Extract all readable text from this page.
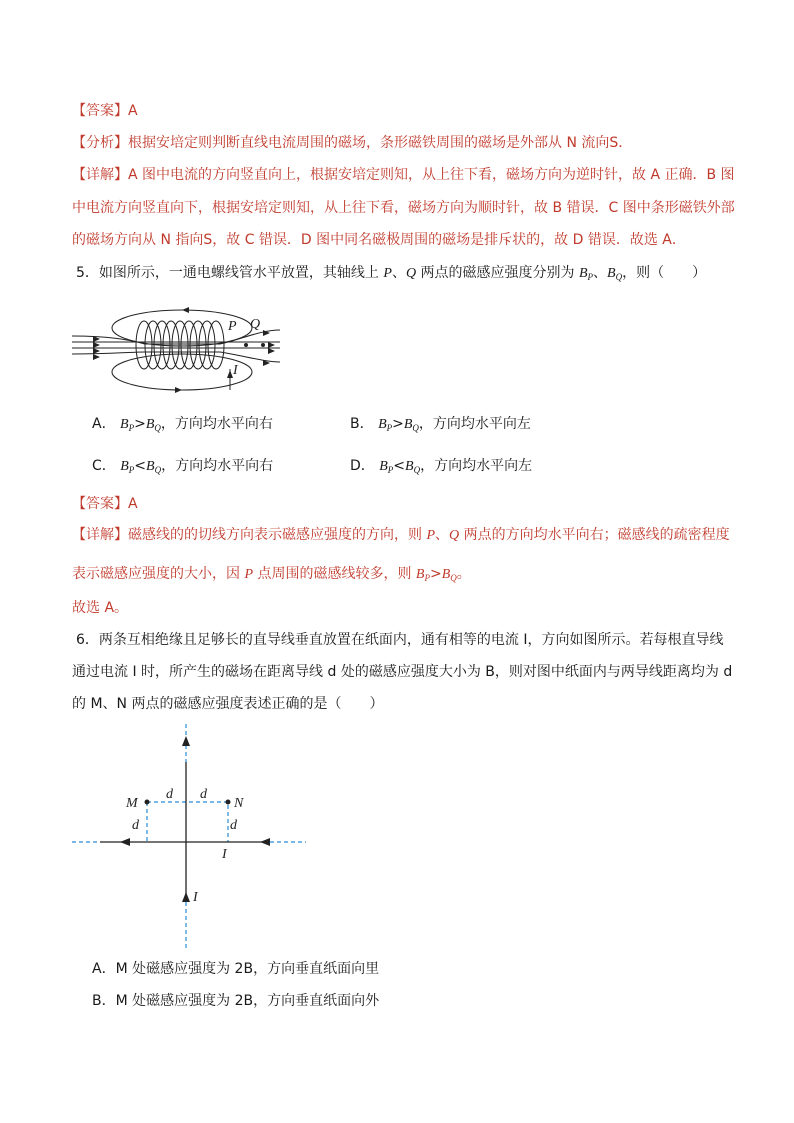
【答案】A
【分析】根据安培定则判断直线电流周围的磁场，条形磁铁周围的磁场是外部从 N 流向S．
【详解】A 图中电流的方向竖直向上，根据安培定则知，从上往下看，磁场方向为逆时针，故 A 正确．B 图
中电流方向竖直向下，根据安培定则知，从上往下看，磁场方向为顺时针，故 B 错误．C 图中条形磁铁外部
的磁场方向从 N 指向S，故 C 错误．D 图中同名磁极周围的磁场是排斥状的，故 D 错误．故选 A．
5．如图所示，一通电螺线管水平放置，其轴线上 P、Q 两点的磁感应强度分别为 $B_P$、$B_Q$，则（　　）
P Q
I
A． $B_P>B_Q$，方向均水平向右	B． $B_P>B_Q$，方向均水平向左
C． $B_P<B_Q$，方向均水平向右	D． $B_P<B_Q$，方向均水平向左
【答案】A
【详解】磁感线的的切线方向表示磁感应强度的方向，则 P、Q 两点的方向均水平向右；磁感线的疏密程度
表示磁感应强度的大小，因 P 点周围的磁感线较多，则 $B_P>B_Q$。
故选 A。
6．两条互相绝缘且足够长的直导线垂直放置在纸面内，通有相等的电流 I，方向如图所示。若每根直导线
通过电流 I 时，所产生的磁场在距离导线 d 处的磁感应强度大小为 B，则对图中纸面内与两导线距离均为 d
的 M、N 两点的磁感应强度表述正确的是（　　）
M	N
d d
d	d
I
I
A．M 处磁感应强度为 2B，方向垂直纸面向里
B．M 处磁感应强度为 2B，方向垂直纸面向外
